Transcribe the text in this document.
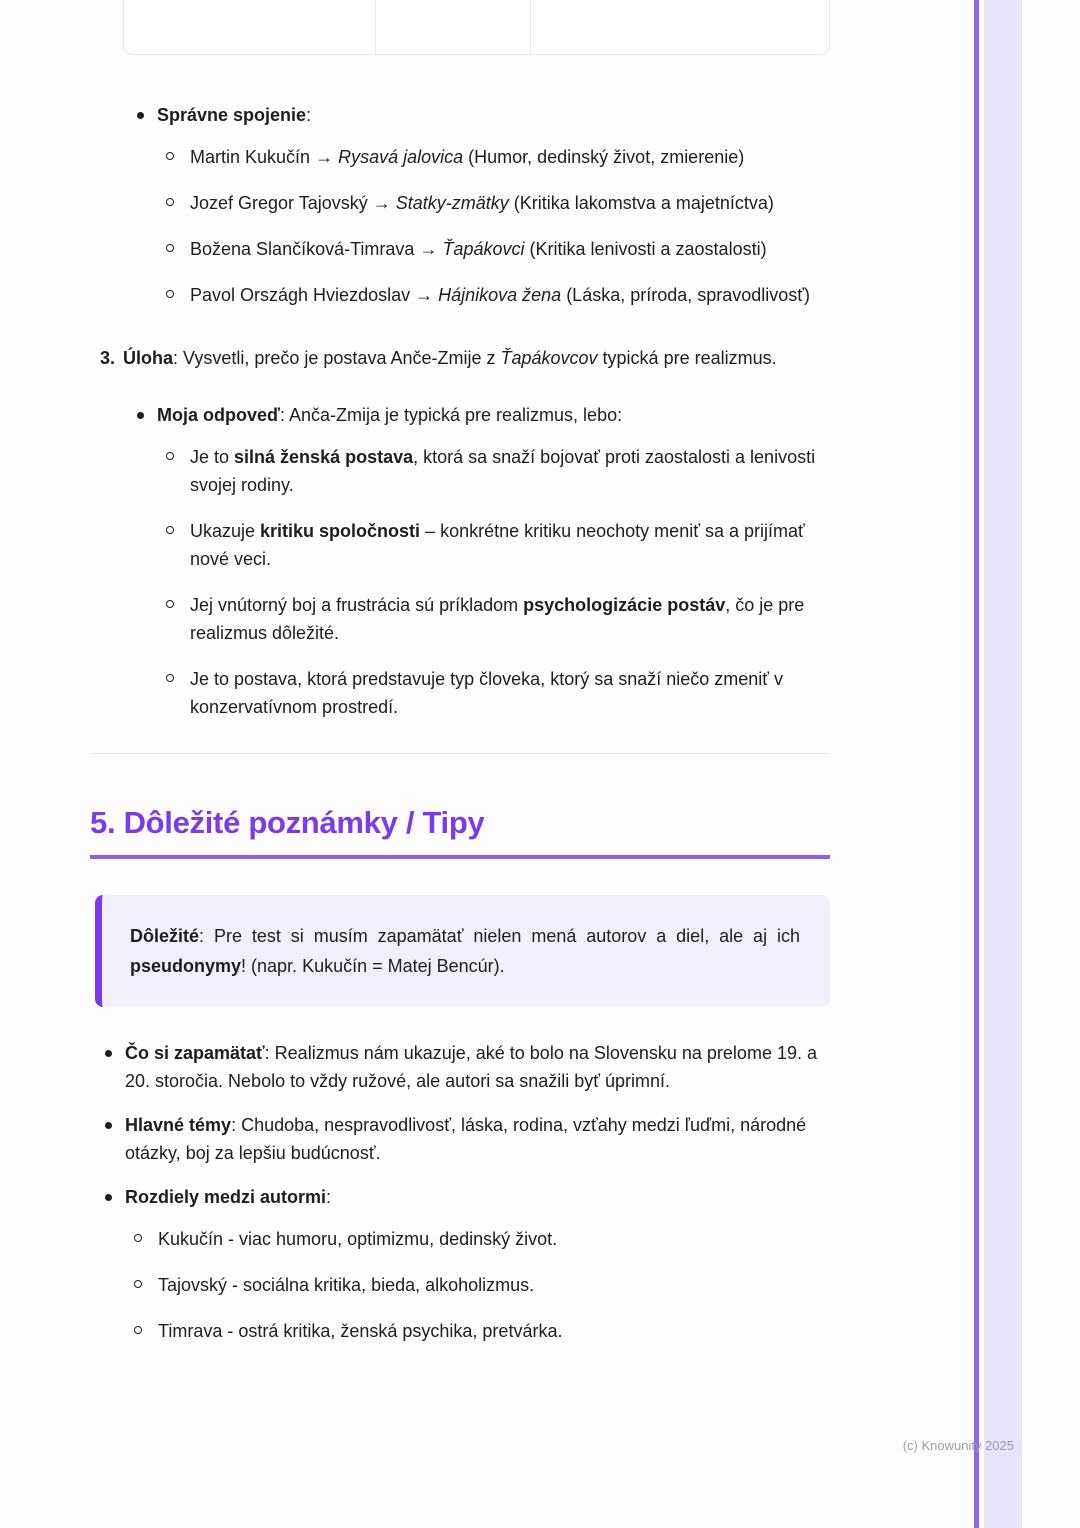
Správne spojenie:
Martin Kukučín → Rysavá jalovica (Humor, dedinský život, zmierenie)
Jozef Gregor Tajovský → Statky-zmätky (Kritika lakomstva a majetníctva)
Božena Slančíková-Timrava → Ťapákovci (Kritika lenivosti a zaostalosti)
Pavol Országh Hviezdoslav → Hájnikova žena (Láska, príroda, spravodlivosť)
3. Úloha: Vysvetli, prečo je postava Anče-Zmije z Ťapákovcov typická pre realizmus.
Moja odpoveď: Anča-Zmija je typická pre realizmus, lebo:
Je to silná ženská postava, ktorá sa snaží bojovať proti zaostalosti a lenivosti svojej rodiny.
Ukazuje kritiku spoločnosti – konkrétne kritiku neochoty meniť sa a prijímať nové veci.
Jej vnútorný boj a frustrácia sú príkladom psychologizácie postáv, čo je pre realizmus dôležité.
Je to postava, ktorá predstavuje typ človeka, ktorý sa snaží niečo zmeniť v konzervatívnom prostredí.
5. Dôležité poznámky / Tipy
Dôležité: Pre test si musím zapamätať nielen mená autorov a diel, ale aj ich pseudonymy! (napr. Kukučín = Matej Bencúr).
Čo si zapamätať: Realizmus nám ukazuje, aké to bolo na Slovensku na prelome 19. a 20. storočia. Nebolo to vždy ružové, ale autori sa snažili byť úprimní.
Hlavné témy: Chudoba, nespravodlivosť, láska, rodina, vzťahy medzi ľuďmi, národné otázky, boj za lepšiu budúcnosť.
Rozdiely medzi autormi:
Kukučín - viac humoru, optimizmu, dedinský život.
Tajovský - sociálna kritika, bieda, alkoholizmus.
Timrava - ostrá kritika, ženská psychika, pretvárka.
(c) Knowunity 2025
